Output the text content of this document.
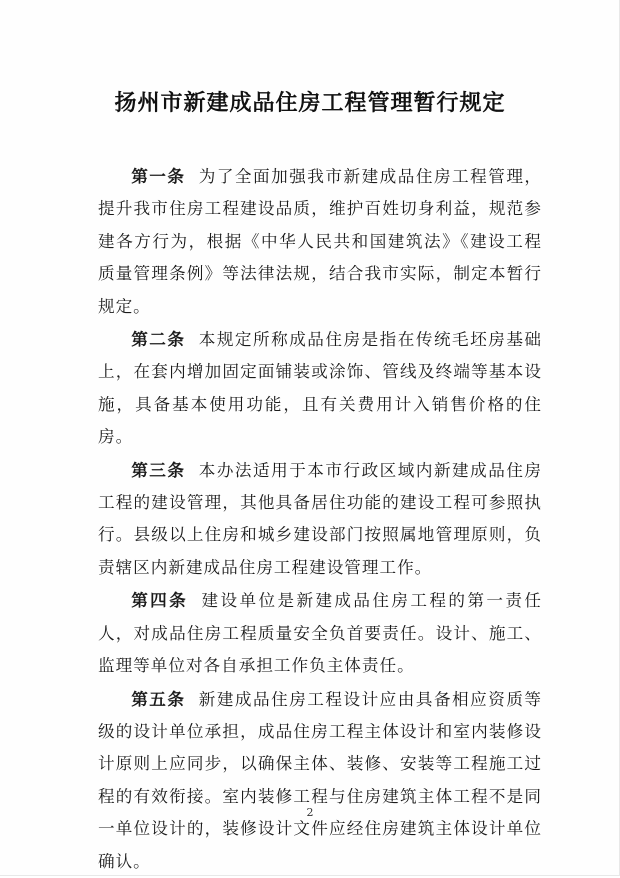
扬州市新建成品住房工程管理暂行规定

第一条 为了全面加强我市新建成品住房工程管理，提升我市住房工程建设品质，维护百姓切身利益，规范参建各方行为，根据《中华人民共和国建筑法》《建设工程质量管理条例》等法律法规，结合我市实际，制定本暂行规定。

第二条 本规定所称成品住房是指在传统毛坯房基础上，在套内增加固定面铺装或涂饰、管线及终端等基本设施，具备基本使用功能，且有关费用计入销售价格的住房。

第三条 本办法适用于本市行政区域内新建成品住房工程的建设管理，其他具备居住功能的建设工程可参照执行。县级以上住房和城乡建设部门按照属地管理原则，负责辖区内新建成品住房工程建设管理工作。

第四条 建设单位是新建成品住房工程的第一责任人，对成品住房工程质量安全负首要责任。设计、施工、监理等单位对各自承担工作负主体责任。

第五条 新建成品住房工程设计应由具备相应资质等级的设计单位承担，成品住房工程主体设计和室内装修设计原则上应同步，以确保主体、装修、安装等工程施工过程的有效衔接。室内装修工程与住房建筑主体工程不是同一单位设计的，装修设计文件应经住房建筑主体设计单位确认。

2
